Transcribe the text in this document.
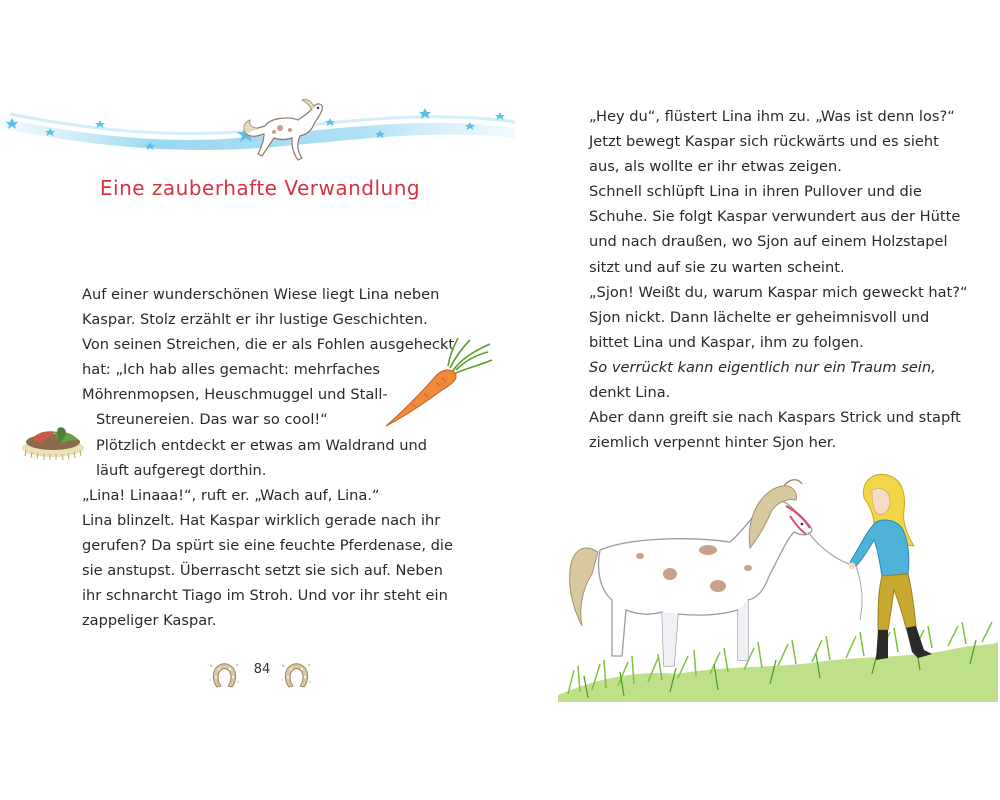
Eine zauberhafte Verwandlung
Auf einer wunderschönen Wiese liegt Lina neben
Kaspar. Stolz erzählt er ihr lustige Geschichten.
Von seinen Streichen, die er als Fohlen ausgeheckt
hat: „Ich hab alles gemacht: mehrfaches
Möhrenmopsen, Heuschmuggel und Stall-
Streunereien. Das war so cool!“
Plötzlich entdeckt er etwas am Waldrand und
läuft aufgeregt dorthin.
„Lina! Linaaa!“, ruft er. „Wach auf, Lina.“
Lina blinzelt. Hat Kaspar wirklich gerade nach ihr
gerufen? Da spürt sie eine feuchte Pferdenase, die
sie anstupst. Überrascht setzt sie sich auf. Neben
ihr schnarcht Tiago im Stroh. Und vor ihr steht ein
zappeliger Kaspar.
84
„Hey du“, flüstert Lina ihm zu. „Was ist denn los?“
Jetzt bewegt Kaspar sich rückwärts und es sieht
aus, als wollte er ihr etwas zeigen.
Schnell schlüpft Lina in ihren Pullover und die
Schuhe. Sie folgt Kaspar verwundert aus der Hütte
und nach draußen, wo Sjon auf einem Holzstapel
sitzt und auf sie zu warten scheint.
„Sjon! Weißt du, warum Kaspar mich geweckt hat?“
Sjon nickt. Dann lächelte er geheimnisvoll und
bittet Lina und Kaspar, ihm zu folgen.
So verrückt kann eigentlich nur ein Traum sein,
denkt Lina.
Aber dann greift sie nach Kaspars Strick und stapft
ziemlich verpennt hinter Sjon her.
